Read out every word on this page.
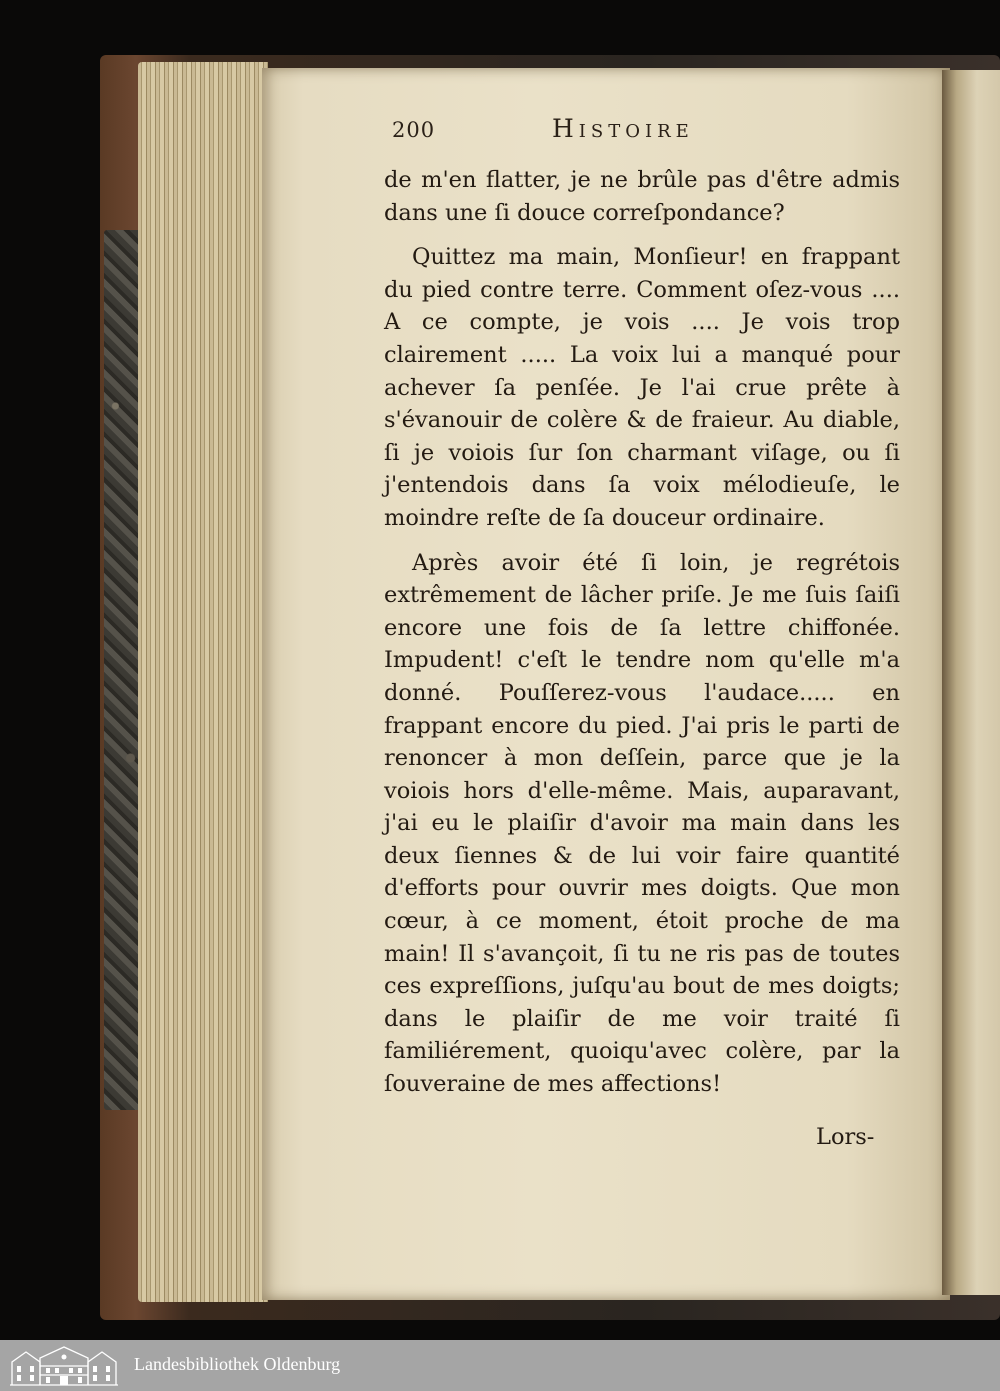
200	Histoire

de m'en flatter, je ne brûle pas d'être admis dans une ſi douce correſpondance?

Quittez ma main, Monſieur! en frappant du pied contre terre. Comment oſez-vous .... A ce compte, je vois .... Je vois trop clairement ..... La voix lui a manqué pour achever ſa penſée. Je l'ai crue prête à s'évanouir de colère & de fraieur. Au diable, ſi je voiois ſur ſon charmant viſage, ou ſi j'entendois dans ſa voix mélodieuſe, le moindre reſte de ſa douceur ordinaire.

Après avoir été ſi loin, je regrétois extrêmement de lâcher priſe. Je me ſuis ſaiſi encore une fois de ſa lettre chiffonée. Impudent! c'eſt le tendre nom qu'elle m'a donné. Pouſſerez-vous l'audace..... en frappant encore du pied. J'ai pris le parti de renoncer à mon deſſein, parce que je la voiois hors d'elle-même. Mais, auparavant, j'ai eu le plaiſir d'avoir ma main dans les deux ſiennes & de lui voir faire quantité d'efforts pour ouvrir mes doigts. Que mon cœur, à ce moment, étoit proche de ma main! Il s'avançoit, ſi tu ne ris pas de toutes ces expreſſions, juſqu'au bout de mes doigts; dans le plaiſir de me voir traité ſi familiérement, quoiqu'avec colère, par la ſouveraine de mes affections!

Lors-
Landesbibliothek Oldenburg
